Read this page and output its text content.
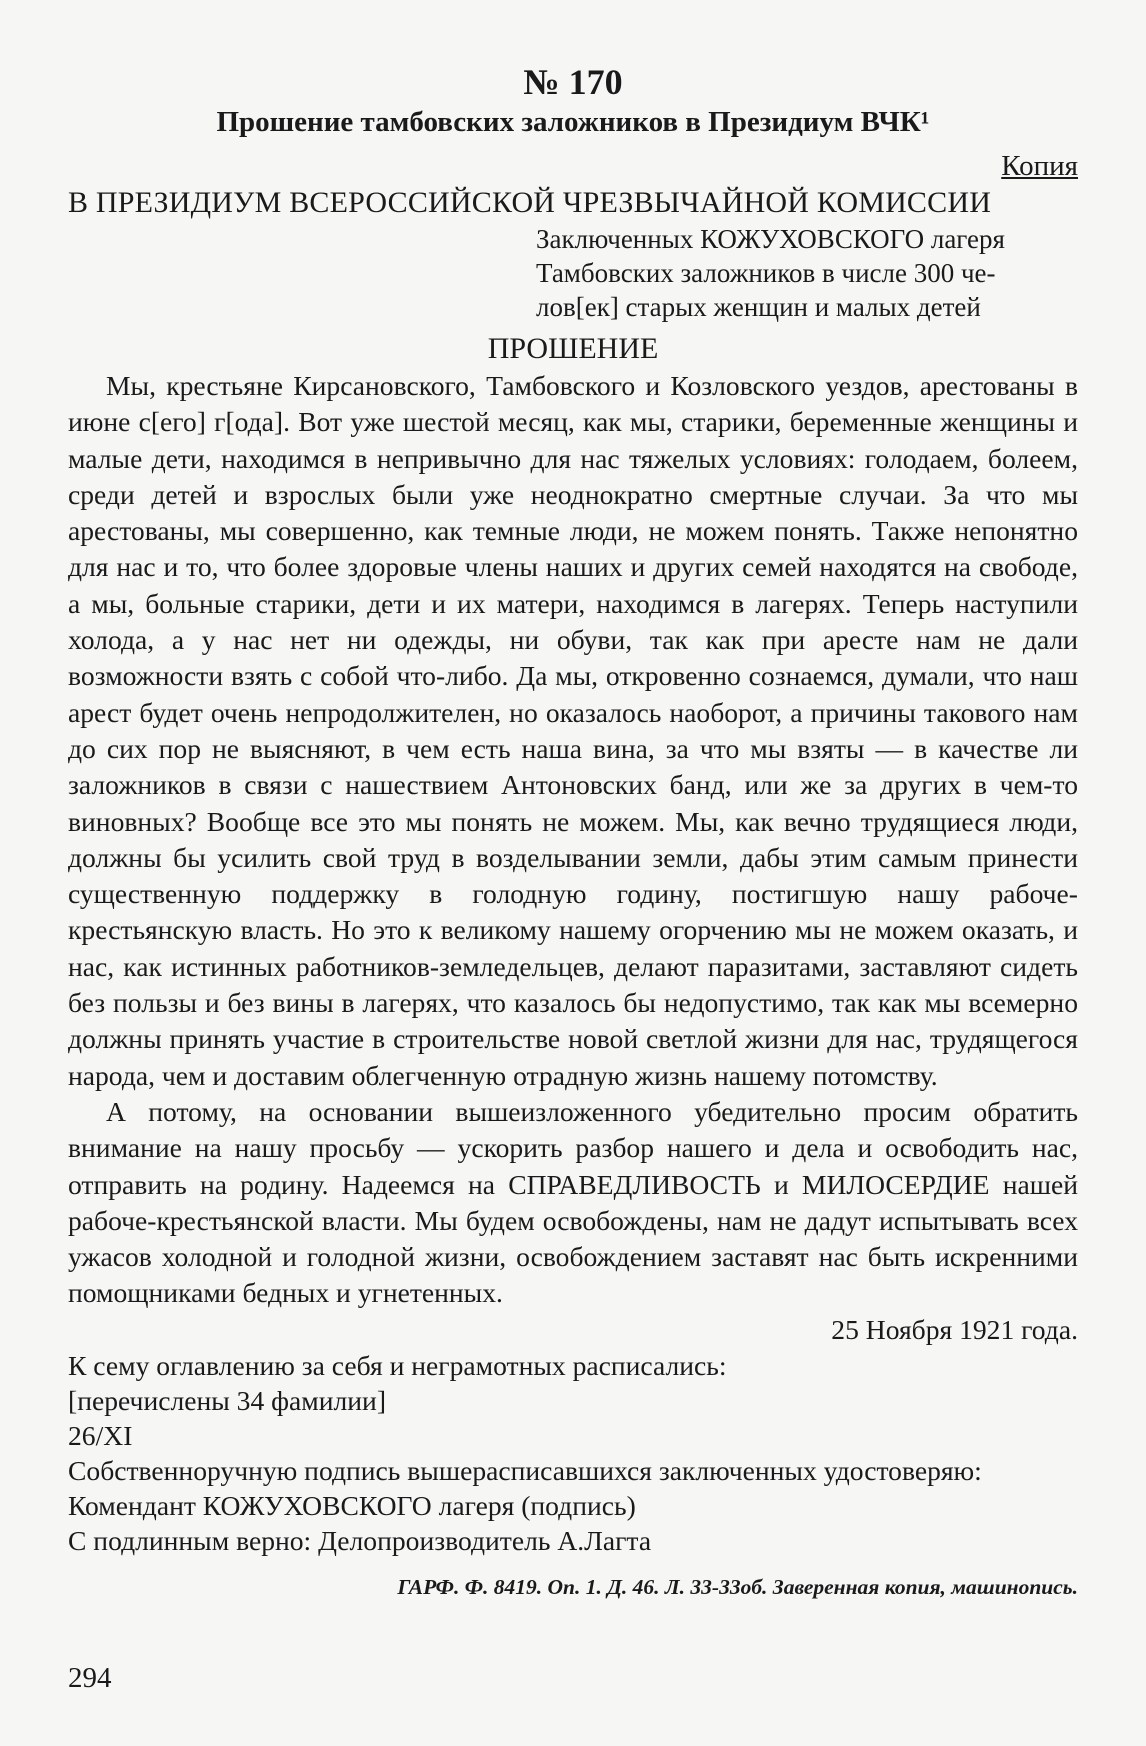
№ 170

Прошение тамбовских заложников в Президиум ВЧК¹

Копия

В ПРЕЗИДИУМ ВСЕРОССИЙСКОЙ ЧРЕЗВЫЧАЙНОЙ КОМИССИИ

Заключенных КОЖУХОВСКОГО лагеря

Тамбовских заложников в числе 300 че-

лов[ек] старых женщин и малых детей

ПРОШЕНИЕ

Мы, крестьяне Кирсановского, Тамбовского и Козловского уездов, арестованы в июне с[его] г[ода]. Вот уже шестой месяц, как мы, старики, беременные женщины и малые дети, находимся в непривычно для нас тяжелых условиях: голодаем, болеем, среди детей и взрослых были уже неоднократно смертные случаи. За что мы арестованы, мы совершенно, как темные люди, не можем понять. Также непонятно для нас и то, что более здоровые члены наших и других семей находятся на свободе, а мы, больные старики, дети и их матери, находимся в лагерях. Теперь наступили холода, а у нас нет ни одежды, ни обуви, так как при аресте нам не дали возможности взять с собой что-либо. Да мы, откровенно сознаемся, думали, что наш арест будет очень непродолжителен, но оказалось наоборот, а причины такового нам до сих пор не выясняют, в чем есть наша вина, за что мы взяты — в качестве ли заложников в связи с нашествием Антоновских банд, или же за других в чем-то виновных? Вообще все это мы понять не можем. Мы, как вечно трудящиеся люди, должны бы усилить свой труд в возделывании земли, дабы этим самым принести существенную поддержку в голодную годину, постигшую нашу рабоче-крестьянскую власть. Но это к великому нашему огорчению мы не можем оказать, и нас, как истинных работников-земледельцев, делают паразитами, заставляют сидеть без пользы и без вины в лагерях, что казалось бы недопустимо, так как мы всемерно должны принять участие в строительстве новой светлой жизни для нас, трудящегося народа, чем и доставим облегченную отрадную жизнь нашему потомству.

А потому, на основании вышеизложенного убедительно просим обратить внимание на нашу просьбу — ускорить разбор нашего и дела и освободить нас, отправить на родину. Надеемся на СПРАВЕДЛИВОСТЬ и МИЛОСЕРДИЕ нашей рабоче-крестьянской власти. Мы будем освобождены, нам не дадут испытывать всех ужасов холодной и голодной жизни, освобождением заставят нас быть искренними помощниками бедных и угнетенных.

25 Ноября 1921 года.

К сему оглавлению за себя и неграмотных расписались:

[перечислены 34 фамилии]

26/XI

Собственноручную подпись вышерасписавшихся заключенных удостоверяю:

Комендант КОЖУХОВСКОГО лагеря (подпись)

С подлинным верно: Делопроизводитель А.Лагта

ГАРФ. Ф. 8419. Оп. 1. Д. 46. Л. 33-33об. Заверенная копия, машинопись.

294
